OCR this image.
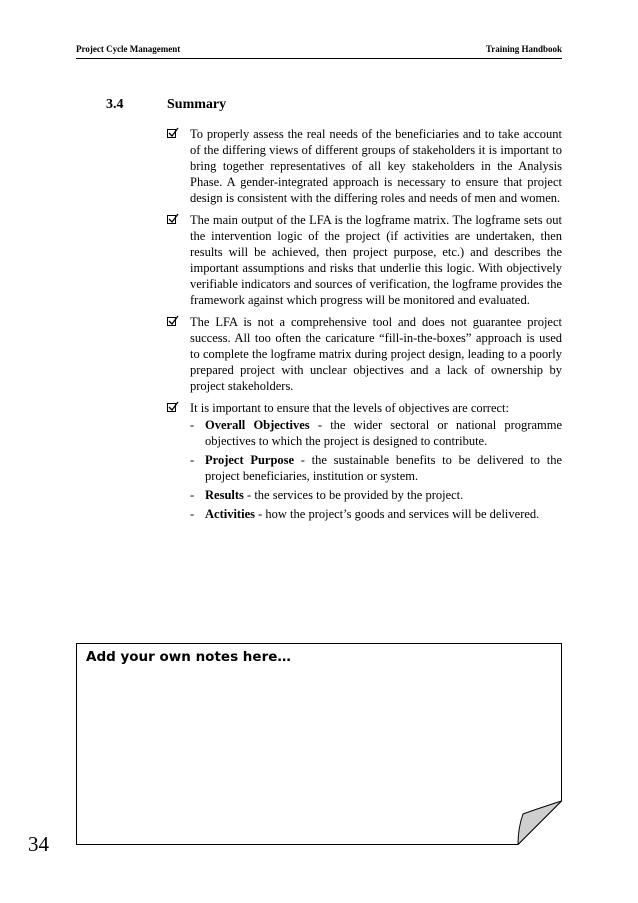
Project Cycle Management	Training Handbook
3.4	Summary
To properly assess the real needs of the beneficiaries and to take account of the differing views of different groups of stakeholders it is important to bring together representatives of all key stakeholders in the Analysis Phase. A gender-integrated approach is necessary to ensure that project design is consistent with the differing roles and needs of men and women.
The main output of the LFA is the logframe matrix. The logframe sets out the intervention logic of the project (if activities are undertaken, then results will be achieved, then project purpose, etc.) and describes the important assumptions and risks that underlie this logic. With objectively verifiable indicators and sources of verification, the logframe provides the framework against which progress will be monitored and evaluated.
The LFA is not a comprehensive tool and does not guarantee project success. All too often the caricature “fill-in-the-boxes” approach is used to complete the logframe matrix during project design, leading to a poorly prepared project with unclear objectives and a lack of ownership by project stakeholders.
It is important to ensure that the levels of objectives are correct:
- Overall Objectives - the wider sectoral or national programme objectives to which the project is designed to contribute.
- Project Purpose - the sustainable benefits to be delivered to the project beneficiaries, institution or system.
- Results - the services to be provided by the project.
- Activities - how the project’s goods and services will be delivered.
Add your own notes here…
34
